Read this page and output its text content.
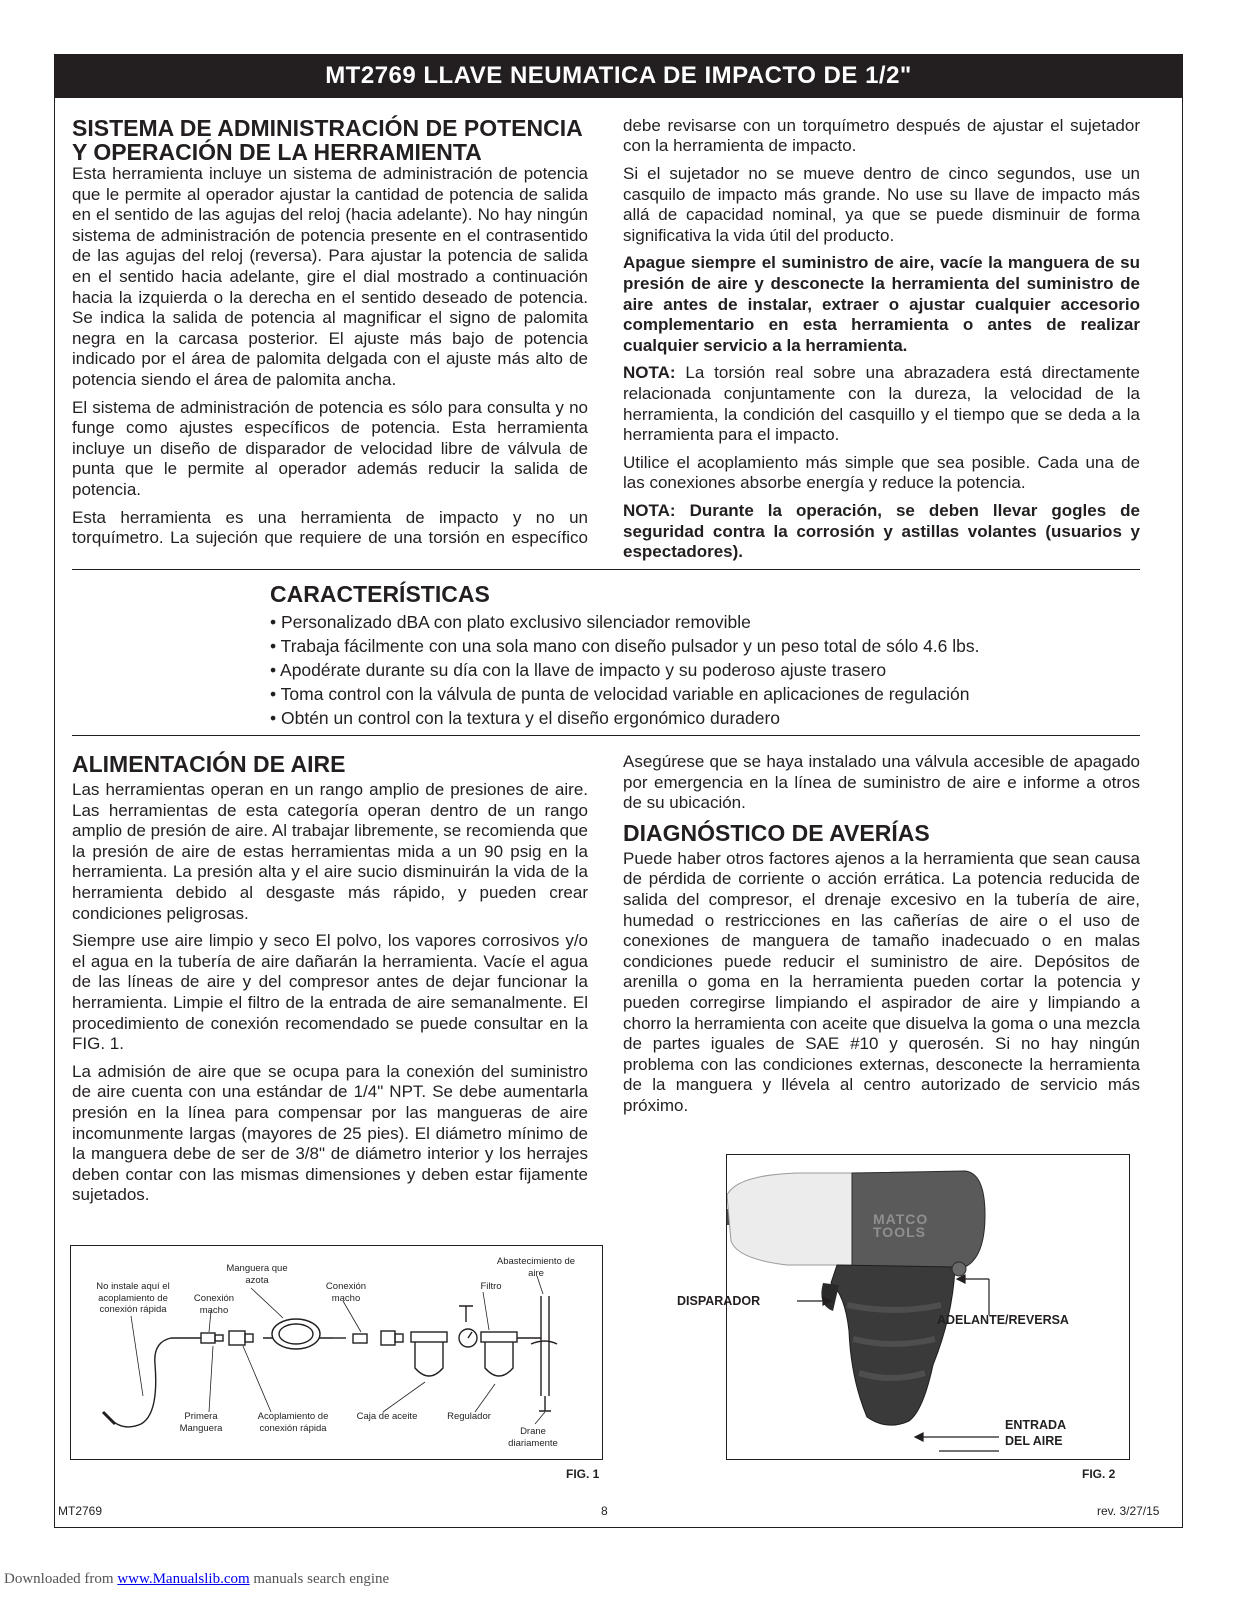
MT2769 LLAVE NEUMATICA DE IMPACTO DE 1/2"
SISTEMA DE ADMINISTRACIÓN DE POTENCIA
Y OPERACIÓN DE LA HERRAMIENTA

Esta herramienta incluye un sistema de administración de potencia que le permite al operador ajustar la cantidad de potencia de salida en el sentido de las agujas del reloj (hacia adelante). No hay ningún sistema de administración de potencia presente en el contrasentido de las agujas del reloj (reversa). Para ajustar la potencia de salida en el sentido hacia adelante, gire el dial mostrado a continuación hacia la izquierda o la derecha en el sentido deseado de potencia. Se indica la salida de potencia al magnificar el signo de palomita negra en la carcasa posterior. El ajuste más bajo de potencia indicado por el área de palomita delgada con el ajuste más alto de potencia siendo el área de palomita ancha.

El sistema de administración de potencia es sólo para consulta y no funge como ajustes específicos de potencia. Esta herramienta incluye un diseño de disparador de velocidad libre de válvula de punta que le permite al operador además reducir la salida de potencia.

Esta herramienta es una herramienta de impacto y no un torquímetro. La sujeción que requiere de una torsión en específico

debe revisarse con un torquímetro después de ajustar el sujetador con la herramienta de impacto.

Si el sujetador no se mueve dentro de cinco segundos, use un casquilo de impacto más grande. No use su llave de impacto más allá de capacidad nominal, ya que se puede disminuir de forma significativa la vida útil del producto.

Apague siempre el suministro de aire, vacíe la manguera de su presión de aire y desconecte la herramienta del suministro de aire antes de instalar, extraer o ajustar cualquier accesorio complementario en esta herramienta o antes de realizar cualquier servicio a la herramienta.

NOTA: La torsión real sobre una abrazadera está directamente relacionada conjuntamente con la dureza, la velocidad de la herramienta, la condición del casquillo y el tiempo que se deda a la herramienta para el impacto.

Utilice el acoplamiento más simple que sea posible. Cada una de las conexiones absorbe energía y reduce la potencia.

NOTA: Durante la operación, se deben llevar gogles de seguridad contra la corrosión y astillas volantes (usuarios y espectadores).

CARACTERÍSTICAS
• Personalizado dBA con plato exclusivo silenciador removible
• Trabaja fácilmente con una sola mano con diseño pulsador y un peso total de sólo 4.6 lbs.
• Apodérate durante su día con la llave de impacto y su poderoso ajuste trasero
• Toma control con la válvula de punta de velocidad variable en aplicaciones de regulación
• Obtén un control con la textura y el diseño ergonómico duradero
ALIMENTACIÓN DE AIRE

Las herramientas operan en un rango amplio de presiones de aire. Las herramientas de esta categoría operan dentro de un rango amplio de presión de aire. Al trabajar libremente, se recomienda que la presión de aire de estas herramientas mida a un 90 psig en la herramienta. La presión alta y el aire sucio disminuirán la vida de la herramienta debido al desgaste más rápido, y pueden crear condiciones peligrosas.

Siempre use aire limpio y seco El polvo, los vapores corrosivos y/o el agua en la tubería de aire dañarán la herramienta. Vacíe el agua de las líneas de aire y del compresor antes de dejar funcionar la herramienta. Limpie el filtro de la entrada de aire semanalmente. El procedimiento de conexión recomendado se puede consultar en la FIG. 1.

La admisión de aire que se ocupa para la conexión del suministro de aire cuenta con una estándar de 1/4" NPT. Se debe aumentarla presión en la línea para compensar por las mangueras de aire incomunmente largas (mayores de 25 pies). El diámetro mínimo de la manguera debe de ser de 3/8" de diámetro interior y los herrajes deben contar con las mismas dimensiones y deben estar fijamente sujetados.

Asegúrese que se haya instalado una válvula accesible de apagado por emergencia en la línea de suministro de aire e informe a otros de su ubicación.

DIAGNÓSTICO DE AVERÍAS

Puede haber otros factores ajenos a la herramienta que sean causa de pérdida de corriente o acción errática. La potencia reducida de salida del compresor, el drenaje excesivo en la tubería de aire, humedad o restricciones en las cañerías de aire o el uso de conexiones de manguera de tamaño inadecuado o en malas condiciones puede reducir el suministro de aire. Depósitos de arenilla o goma en la herramienta pueden cortar la potencia y pueden corregirse limpiando el aspirador de aire y limpiando a chorro la herramienta con aceite que disuelva la goma o una mezcla de partes iguales de SAE #10 y querosén. Si no hay ningún problema con las condiciones externas, desconecte la herramienta de la manguera y llévela al centro autorizado de servicio más próximo.

No instale aquí el acoplamiento de conexión rápida
Conexión macho
Manguera que azota
Conexión macho
Filtro
Abastecimiento de aire
Primera Manguera
Acoplamiento de conexión rápida
Caja de aceite	Regulador
Drane diariamente
FIG. 1
MATCO
TOOLS
DISPARADOR
ADELANTE/REVERSA
ENTRADA
DEL AIRE
FIG. 2
MT2769	8	rev. 3/27/15
Downloaded from www.Manualslib.com manuals search engine
